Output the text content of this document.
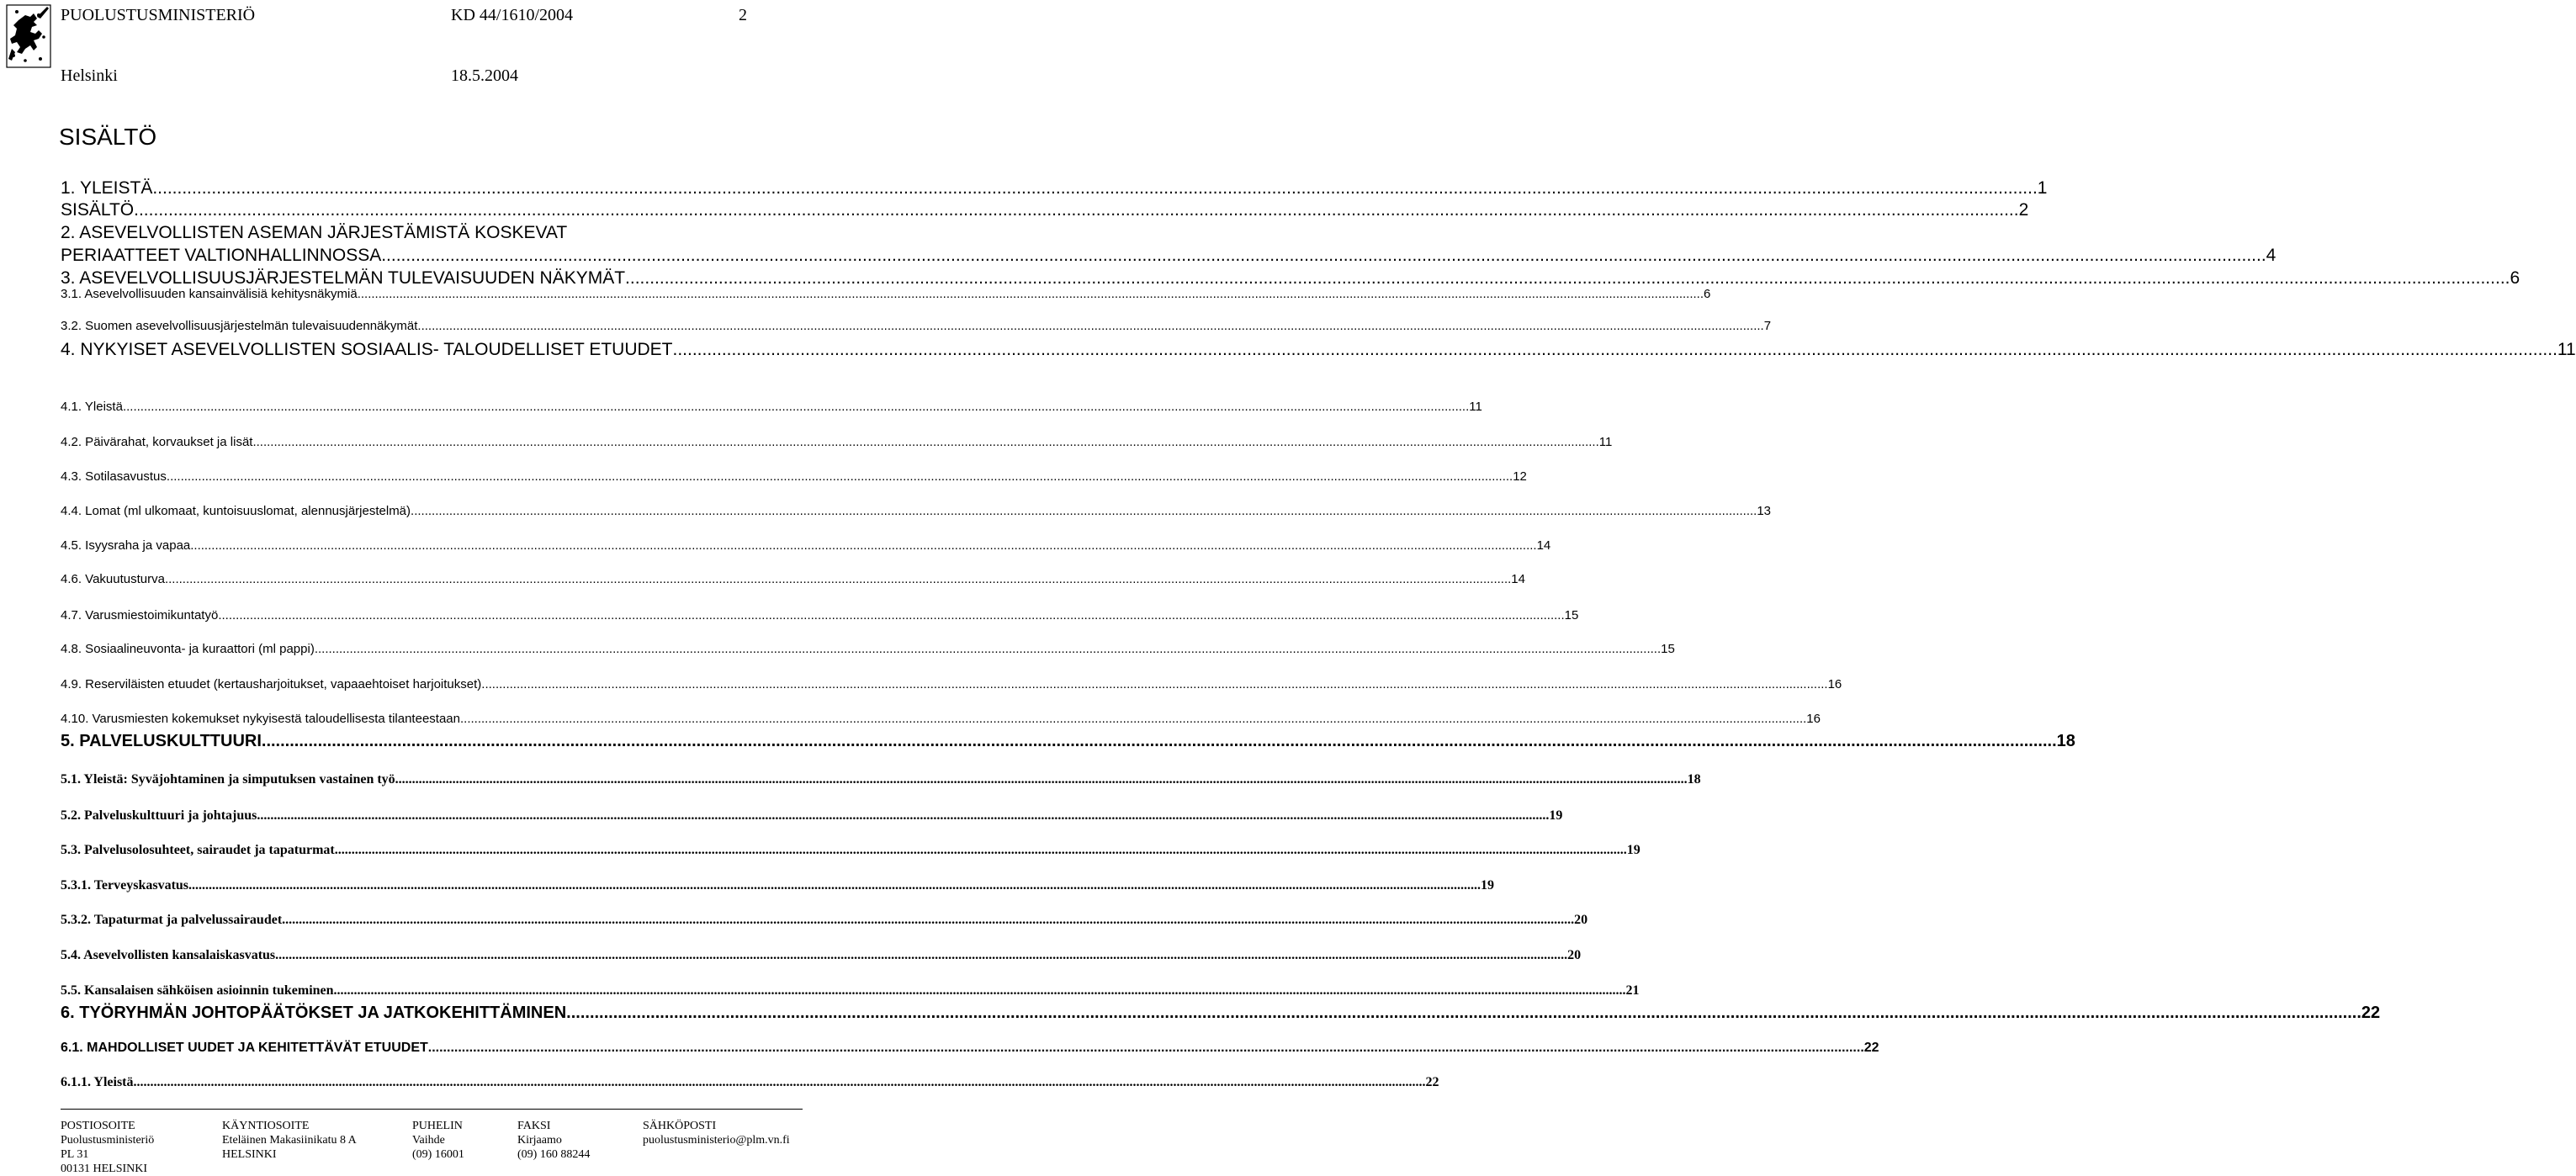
PUOLUSTUSMINISTERIÖ	KD 44/1610/2004	2
Helsinki	18.5.2004
SISÄLTÖ
1. YLEISTÄ .....	1
SISÄLTÖ .....	2
2. ASEVELVOLLISTEN ASEMAN JÄRJESTÄMISTÄ KOSKEVAT
PERIAATTEET VALTIONHALLINNOSSA .....	4
3. ASEVELVOLLISUUSJÄRJESTELMÄN TULEVAISUUDEN NÄKYMÄT .....	6
3.1. Asevelvollisuuden kansainvälisiä kehitysnäkymiä .....	6
3.2. Suomen asevelvollisuusjärjestelmän tulevaisuudennäkymät .....	7
4. NYKYISET ASEVELVOLLISTEN SOSIAALIS- TALOUDELLISET ETUUDET .....	11
4.1. Yleistä .....	11
4.2. Päivärahat, korvaukset ja lisät .....	11
4.3. Sotilasavustus .....	12
4.4. Lomat (ml ulkomaat, kuntoisuuslomat, alennusjärjestelmä) .....	13
4.5. Isyysraha ja vapaa .....	14
4.6. Vakuutusturva .....	14
4.7. Varusmiestoimikuntatyö .....	15
4.8. Sosiaalineuvonta- ja kuraattori (ml pappi) .....	15
4.9. Reserviläisten etuudet (kertausharjoitukset, vapaaehtoiset harjoitukset) .....	16
4.10. Varusmiesten kokemukset nykyisestä taloudellisesta tilanteestaan .....	16
5. PALVELUSKULTTUURI .....	18
5.1. Yleistä: Syväjohtaminen ja simputuksen vastainen työ .....	18
5.2. Palveluskulttuuri ja johtajuus .....	19
5.3. Palvelusolosuhteet, sairaudet ja tapaturmat .....	19
5.3.1. Terveyskasvatus .....	19
5.3.2. Tapaturmat ja palvelussairaudet .....	20
5.4. Asevelvollisten kansalaiskasvatus .....	20
5.5. Kansalaisen sähköisen asioinnin tukeminen .....	21
6. TYÖRYHMÄN JOHTOPÄÄTÖKSET JA JATKOKEHITTÄMINEN .....	22
6.1. MAHDOLLISET UUDET JA KEHITETTÄVÄT ETUUDET .....	22
6.1.1. Yleistä .....	22
POSTIOSOITE
Puolustusministeriö
PL 31
00131 HELSINKI
KÄYNTIOSOITE
Eteläinen Makasiinikatu 8 A
HELSINKI
PUHELIN
Vaihde
(09) 16001
FAKSI
Kirjaamo
(09) 160 88244
SÄHKÖPOSTI
puolustusministerio@plm.vn.fi
